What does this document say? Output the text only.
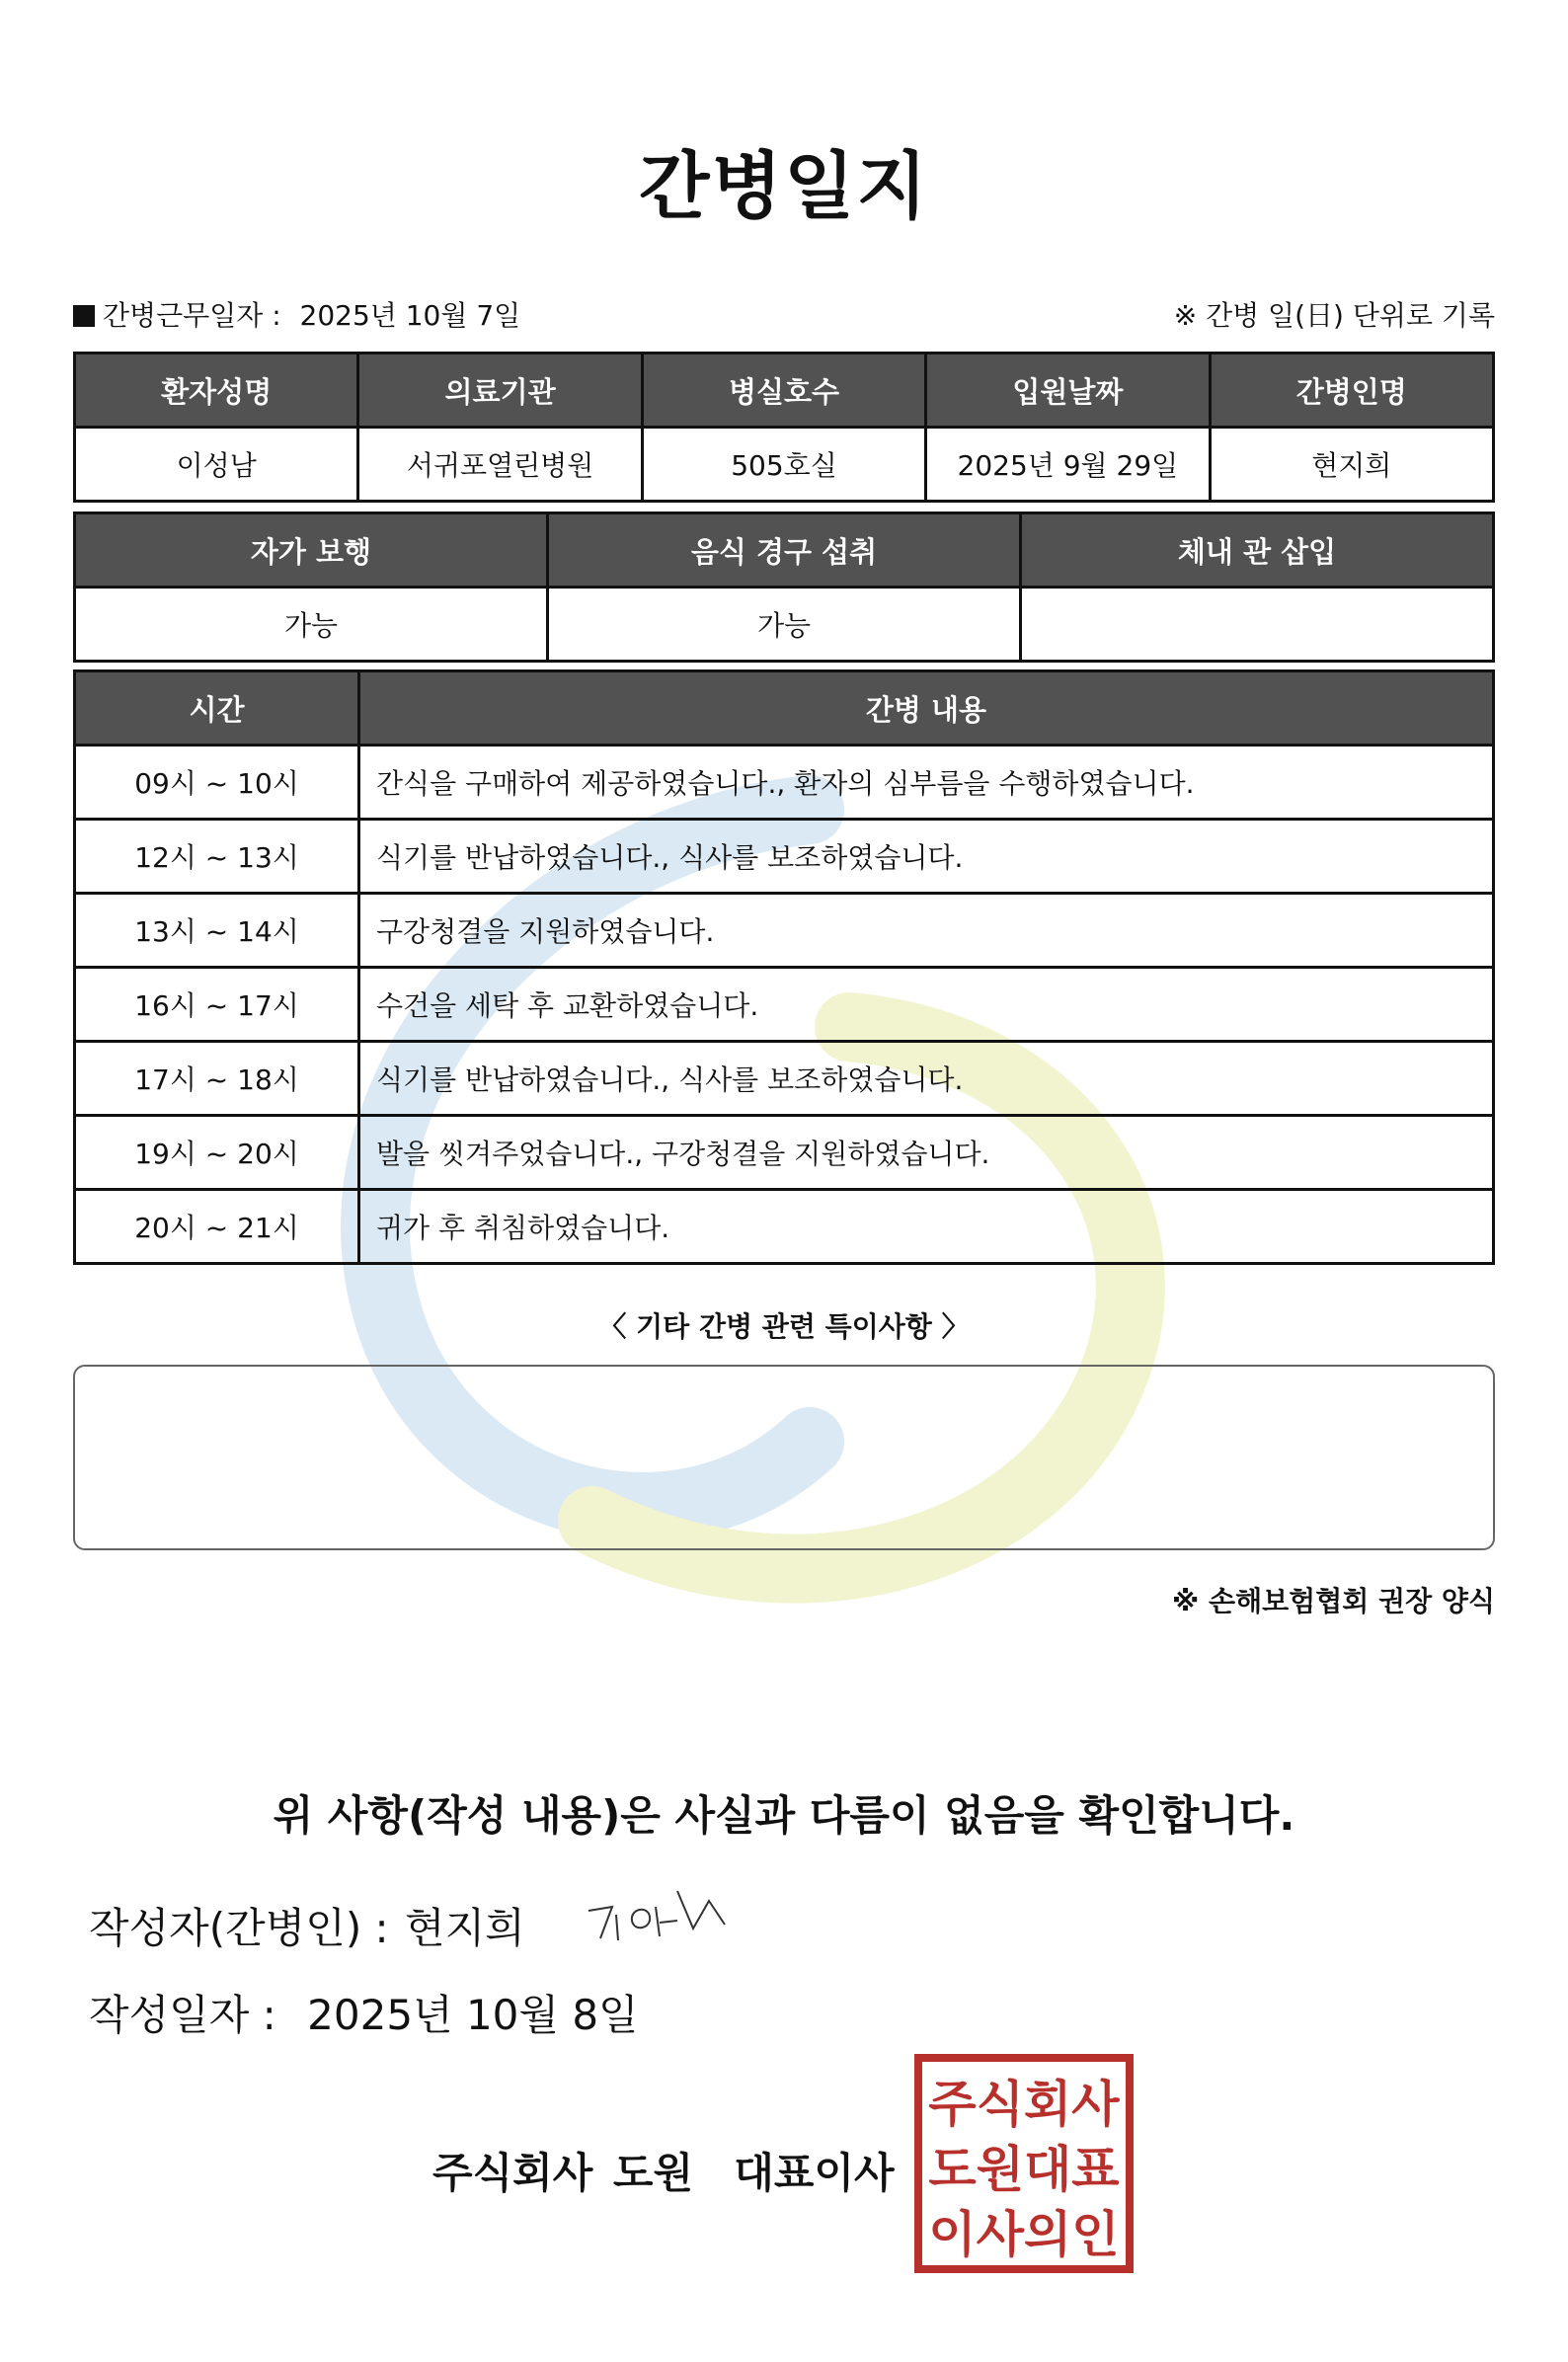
간병일지
간병근무일자 : 2025년 10월 7일	※ 간병 일(日) 단위로 기록
환자성명	의료기관	병실호수	입원날짜	간병인명
이성남	서귀포열린병원	505호실	2025년 9월 29일	현지희
자가 보행	음식 경구 섭취	체내 관 삽입
가능	가능	
시간	간병 내용
09시 ~ 10시	간식을 구매하여 제공하였습니다., 환자의 심부름을 수행하였습니다.
12시 ~ 13시	식기를 반납하였습니다., 식사를 보조하였습니다.
13시 ~ 14시	구강청결을 지원하였습니다.
16시 ~ 17시	수건을 세탁 후 교환하였습니다.
17시 ~ 18시	식기를 반납하였습니다., 식사를 보조하였습니다.
19시 ~ 20시	발을 씻겨주었습니다., 구강청결을 지원하였습니다.
20시 ~ 21시	귀가 후 취침하였습니다.
〈 기타 간병 관련 특이사항 〉
※ 손해보험협회 권장 양식
위 사항(작성 내용)은 사실과 다름이 없음을 확인합니다.
작성자(간병인) : 현지희
작성일자 : 2025년 10월 8일
주식회사 도원  대표이사
주식회사
도원대표
이사의인
